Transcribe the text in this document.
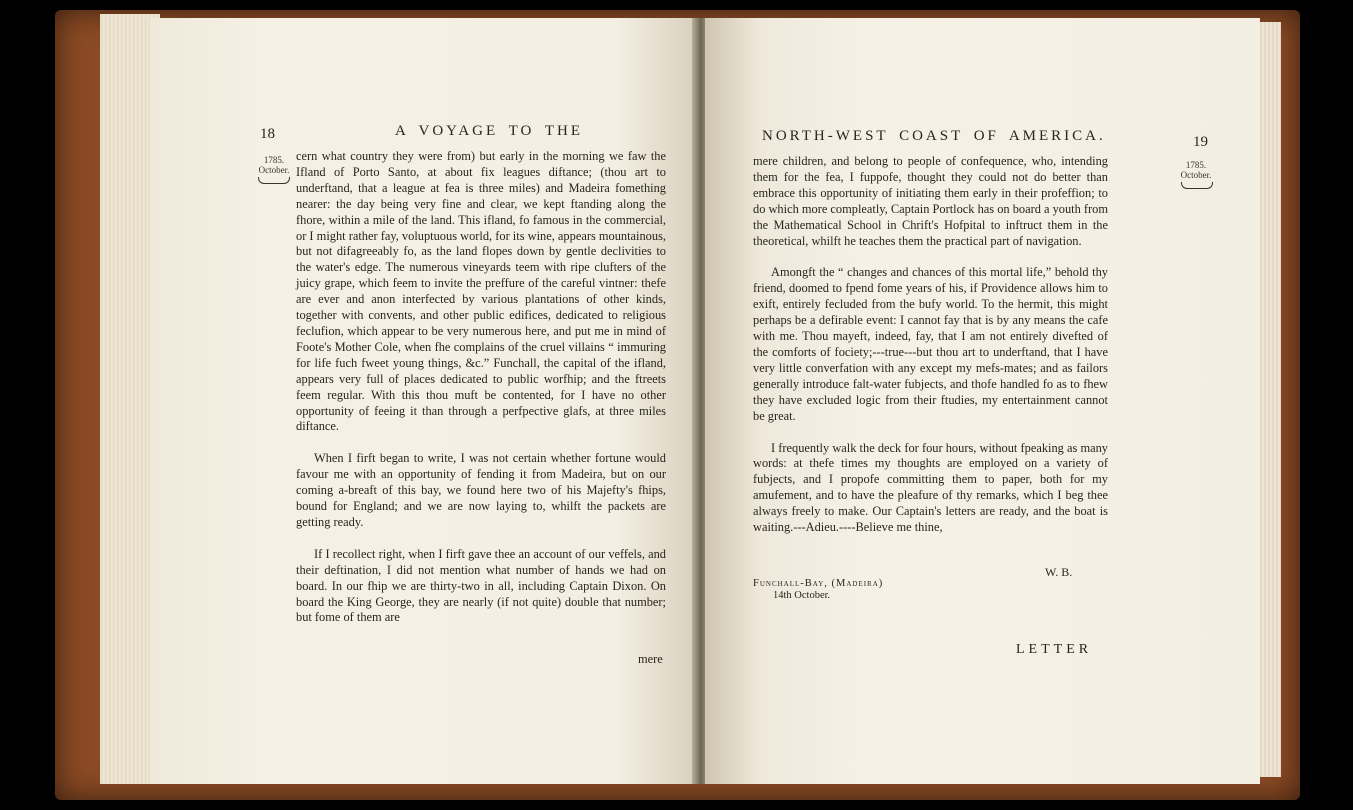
18	A VOYAGE TO THE
1785.
October.

cern what country they were from) but early in the morning we faw the Ifland of Porto Santo, at about fix leagues diftance; (thou art to underftand, that a league at fea is three miles) and Madeira fomething nearer: the day being very fine and clear, we kept ftanding along the fhore, within a mile of the land. This ifland, fo famous in the commercial, or I might rather fay, voluptuous world, for its wine, appears mountainous, but not difagreeably fo, as the land flopes down by gentle declivities to the water's edge. The numerous vineyards teem with ripe clufters of the juicy grape, which feem to invite the preffure of the careful vintner: thefe are ever and anon interfected by various plantations of other kinds, together with convents, and other public edifices, dedicated to religious feclufion, which appear to be very numerous here, and put me in mind of Foote's Mother Cole, when fhe complains of the cruel villains “ immuring for life fuch fweet young things, &c.” Funchall, the capital of the ifland, appears very full of places dedicated to public worfhip; and the ftreets feem regular. With this thou muft be contented, for I have no other opportunity of feeing it than through a perfpective glafs, at three miles diftance.

When I firft began to write, I was not certain whether fortune would favour me with an opportunity of fending it from Madeira, but on our coming a-breaft of this bay, we found here two of his Majefty's fhips, bound for England; and we are now laying to, whilft the packets are getting ready.

If I recollect right, when I firft gave thee an account of our veffels, and their deftination, I did not mention what number of hands we had on board. In our fhip we are thirty-two in all, including Captain Dixon. On board the King George, they are nearly (if not quite) double that number; but fome of them are

mere
NORTH-WEST COAST OF AMERICA.	19
1785.
October.

mere children, and belong to people of confequence, who, intending them for the fea, I fuppofe, thought they could not do better than embrace this opportunity of initiating them early in their profeffion; to do which more compleatly, Captain Portlock has on board a youth from the Mathematical School in Chrift's Hofpital to inftruct them in the theoretical, whilft he teaches them the practical part of navigation.

Amongft the “ changes and chances of this mortal life,” behold thy friend, doomed to fpend fome years of his, if Providence allows him to exift, entirely fecluded from the bufy world. To the hermit, this might perhaps be a defirable event: I cannot fay that is by any means the cafe with me. Thou mayeft, indeed, fay, that I am not entirely divefted of the comforts of fociety;---true---but thou art to underftand, that I have very little converfation with any except my mefs-mates; and as failors generally introduce falt-water fubjects, and thofe handled fo as to fhew they have excluded logic from their ftudies, my entertainment cannot be great.

I frequently walk the deck for four hours, without fpeaking as many words: at thefe times my thoughts are employed on a variety of fubjects, and I propofe committing them to paper, both for my amufement, and to have the pleafure of thy remarks, which I beg thee always freely to make. Our Captain's letters are ready, and the boat is waiting.---Adieu.----Believe me thine,

W. B.
Funchall-Bay, (Madeira)
14th October.
LETTER
